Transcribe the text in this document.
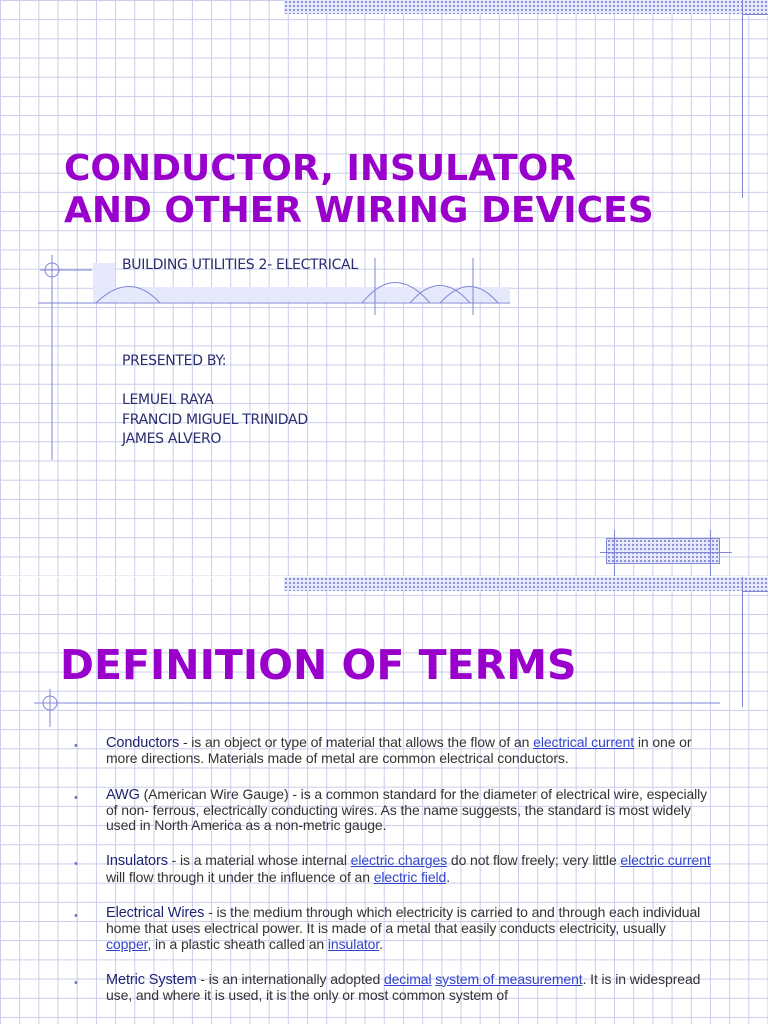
CONDUCTOR, INSULATOR
AND OTHER WIRING DEVICES
BUILDING UTILITIES 2- ELECTRICAL
PRESENTED BY:
LEMUEL RAYA
FRANCID MIGUEL TRINIDAD
JAMES ALVERO
DEFINITION OF TERMS
• Conductors - is an object or type of material that allows the flow of an electrical current in one or more directions. Materials made of metal are common electrical conductors.
• AWG (American Wire Gauge) - is a common standard for the diameter of electrical wire, especially of non- ferrous, electrically conducting wires. As the name suggests, the standard is most widely used in North America as a non-metric gauge.
• Insulators - is a material whose internal electric charges do not flow freely; very little electric current will flow through it under the influence of an electric field.
• Electrical Wires - is the medium through which electricity is carried to and through each individual home that uses electrical power. It is made of a metal that easily conducts electricity, usually copper, in a plastic sheath called an insulator.
• Metric System - is an internationally adopted decimal system of measurement. It is in widespread use, and where it is used, it is the only or most common system of
